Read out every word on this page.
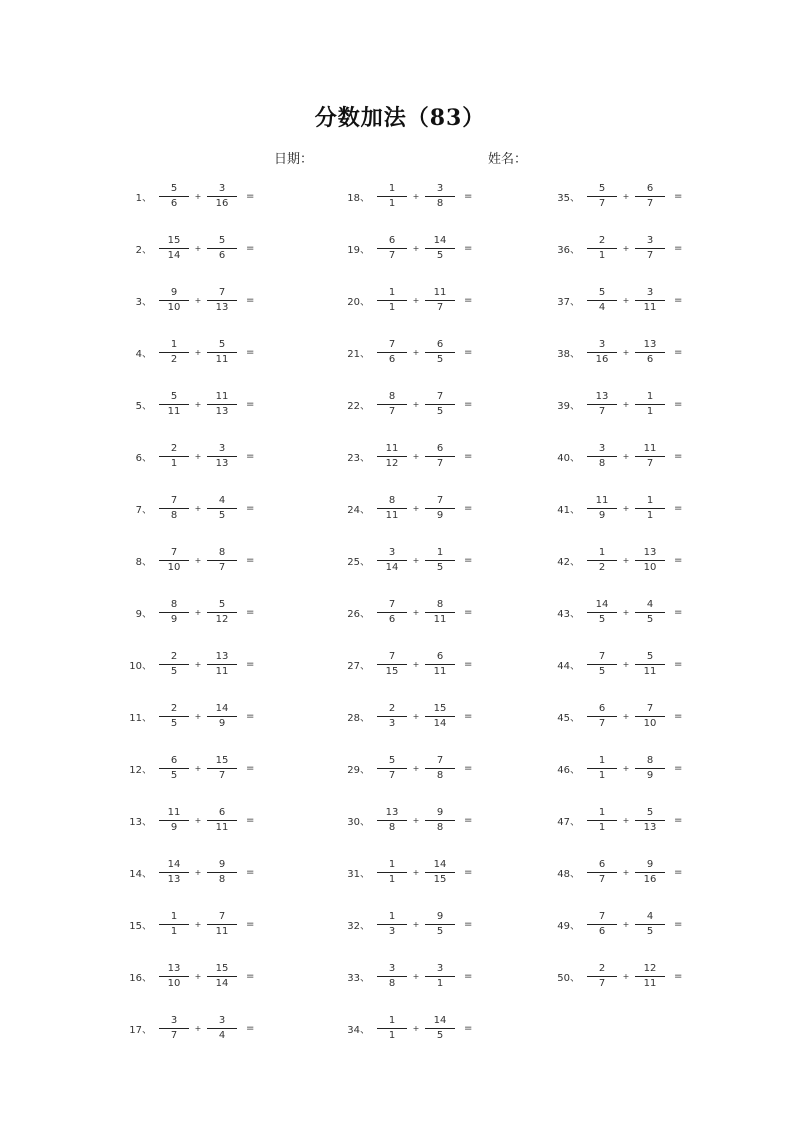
分数加法（83）
日期：	姓名：
1、 $\frac{5}{6} + \frac{3}{16}$ =
2、 $\frac{15}{14} + \frac{5}{6}$ =
3、 $\frac{9}{10} + \frac{7}{13}$ =
4、 $\frac{1}{2} + \frac{5}{11}$ =
5、 $\frac{5}{11} + \frac{11}{13}$ =
6、 $\frac{2}{1} + \frac{3}{13}$ =
7、 $\frac{7}{8} + \frac{4}{5}$ =
8、 $\frac{7}{10} + \frac{8}{7}$ =
9、 $\frac{8}{9} + \frac{5}{12}$ =
10、 $\frac{2}{5} + \frac{13}{11}$ =
11、 $\frac{2}{5} + \frac{14}{9}$ =
12、 $\frac{6}{5} + \frac{15}{7}$ =
13、 $\frac{11}{9} + \frac{6}{11}$ =
14、 $\frac{14}{13} + \frac{9}{8}$ =
15、 $\frac{1}{1} + \frac{7}{11}$ =
16、 $\frac{13}{10} + \frac{15}{14}$ =
17、 $\frac{3}{7} + \frac{3}{4}$ =
18、 $\frac{1}{1} + \frac{3}{8}$ =
19、 $\frac{6}{7} + \frac{14}{5}$ =
20、 $\frac{1}{1} + \frac{11}{7}$ =
21、 $\frac{7}{6} + \frac{6}{5}$ =
22、 $\frac{8}{7} + \frac{7}{5}$ =
23、 $\frac{11}{12} + \frac{6}{7}$ =
24、 $\frac{8}{11} + \frac{7}{9}$ =
25、 $\frac{3}{14} + \frac{1}{5}$ =
26、 $\frac{7}{6} + \frac{8}{11}$ =
27、 $\frac{7}{15} + \frac{6}{11}$ =
28、 $\frac{2}{3} + \frac{15}{14}$ =
29、 $\frac{5}{7} + \frac{7}{8}$ =
30、 $\frac{13}{8} + \frac{9}{8}$ =
31、 $\frac{1}{1} + \frac{14}{15}$ =
32、 $\frac{1}{3} + \frac{9}{5}$ =
33、 $\frac{3}{8} + \frac{3}{1}$ =
34、 $\frac{1}{1} + \frac{14}{5}$ =
35、 $\frac{5}{7} + \frac{6}{7}$ =
36、 $\frac{2}{1} + \frac{3}{7}$ =
37、 $\frac{5}{4} + \frac{3}{11}$ =
38、 $\frac{3}{16} + \frac{13}{6}$ =
39、 $\frac{13}{7} + \frac{1}{1}$ =
40、 $\frac{3}{8} + \frac{11}{7}$ =
41、 $\frac{11}{9} + \frac{1}{1}$ =
42、 $\frac{1}{2} + \frac{13}{10}$ =
43、 $\frac{14}{5} + \frac{4}{5}$ =
44、 $\frac{7}{5} + \frac{5}{11}$ =
45、 $\frac{6}{7} + \frac{7}{10}$ =
46、 $\frac{1}{1} + \frac{8}{9}$ =
47、 $\frac{1}{1} + \frac{5}{13}$ =
48、 $\frac{6}{7} + \frac{9}{16}$ =
49、 $\frac{7}{6} + \frac{4}{5}$ =
50、 $\frac{2}{7} + \frac{12}{11}$ =
